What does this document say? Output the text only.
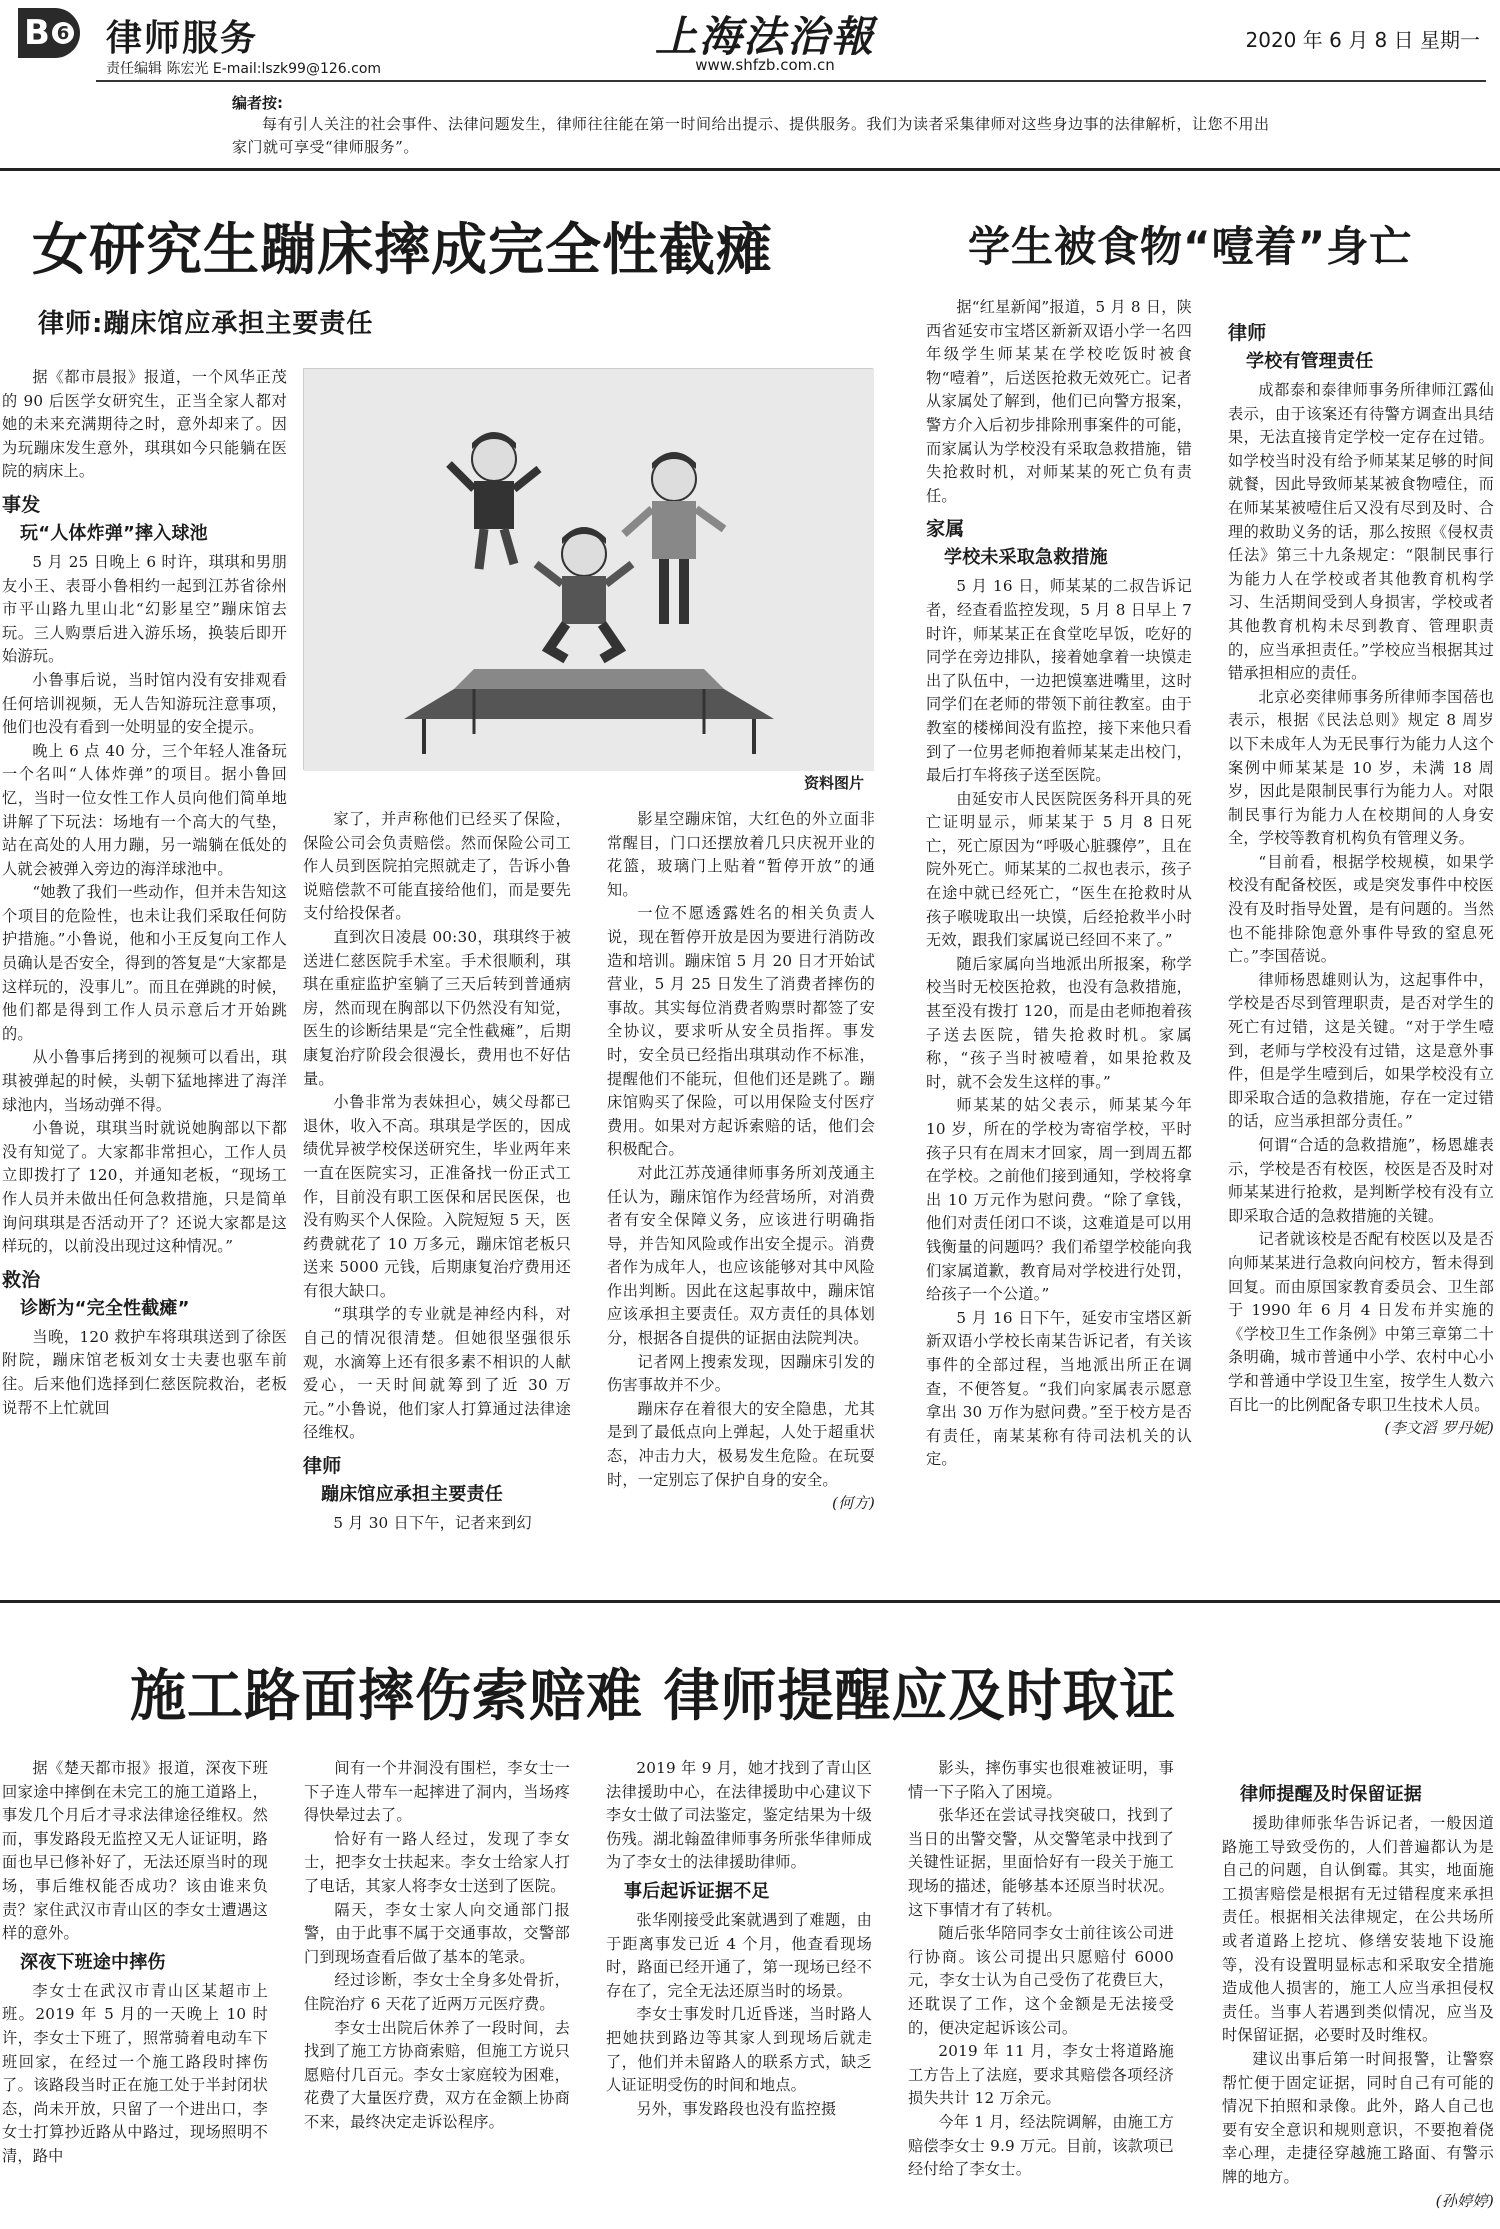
B 6 律师服务
责任编辑 陈宏光 E-mail:lszk99@126.com
上海法治報
www.shfzb.com.cn
2020 年 6 月 8 日 星期一
编者按:
每有引人关注的社会事件、法律问题发生，律师往往能在第一时间给出提示、提供服务。我们为读者采集律师对这些身边事的法律解析，让您不用出家门就可享受“律师服务”。
女研究生蹦床摔成完全性截瘫
律师:蹦床馆应承担主要责任
资料图片

据《都市晨报》报道，一个风华正茂的 90 后医学女研究生，正当全家人都对她的未来充满期待之时，意外却来了。因为玩蹦床发生意外，琪琪如今只能躺在医院的病床上。

事发
玩“人体炸弹”摔入球池

5 月 25 日晚上 6 时许，琪琪和男朋友小王、表哥小鲁相约一起到江苏省徐州市平山路九里山北“幻影星空”蹦床馆去玩。三人购票后进入游乐场，换装后即开始游玩。

小鲁事后说，当时馆内没有安排观看任何培训视频，无人告知游玩注意事项，他们也没有看到一处明显的安全提示。

晚上 6 点 40 分，三个年轻人准备玩一个名叫“人体炸弹”的项目。据小鲁回忆，当时一位女性工作人员向他们简单地讲解了下玩法：场地有一个高大的气垫，站在高处的人用力蹦，另一端躺在低处的人就会被弹入旁边的海洋球池中。

“她教了我们一些动作，但并未告知这个项目的危险性，也未让我们采取任何防护措施。”小鲁说，他和小王反复向工作人员确认是否安全，得到的答复是“大家都是这样玩的，没事儿”。而且在弹跳的时候，他们都是得到工作人员示意后才开始跳的。

从小鲁事后拷到的视频可以看出，琪琪被弹起的时候，头朝下猛地摔进了海洋球池内，当场动弹不得。

小鲁说，琪琪当时就说她胸部以下都没有知觉了。大家都非常担心，工作人员立即拨打了 120，并通知老板，“现场工作人员并未做出任何急救措施，只是简单询问琪琪是否活动开了？还说大家都是这样玩的，以前没出现过这种情况。”

救治
诊断为“完全性截瘫”

当晚，120 救护车将琪琪送到了徐医附院，蹦床馆老板刘女士夫妻也驱车前往。后来他们选择到仁慈医院救治，老板说帮不上忙就回

家了，并声称他们已经买了保险，保险公司会负责赔偿。然而保险公司工作人员到医院拍完照就走了，告诉小鲁说赔偿款不可能直接给他们，而是要先支付给投保者。

直到次日凌晨 00:30，琪琪终于被送进仁慈医院手术室。手术很顺利，琪琪在重症监护室躺了三天后转到普通病房，然而现在胸部以下仍然没有知觉，医生的诊断结果是“完全性截瘫”，后期康复治疗阶段会很漫长，费用也不好估量。

小鲁非常为表妹担心，姨父母都已退休，收入不高。琪琪是学医的，因成绩优异被学校保送研究生，毕业两年来一直在医院实习，正准备找一份正式工作，目前没有职工医保和居民医保，也没有购买个人保险。入院短短 5 天，医药费就花了 10 万多元，蹦床馆老板只送来 5000 元钱，后期康复治疗费用还有很大缺口。

“琪琪学的专业就是神经内科，对自己的情况很清楚。但她很坚强很乐观，水滴筹上还有很多素不相识的人献爱心，一天时间就筹到了近 30 万元。”小鲁说，他们家人打算通过法律途径维权。

律师
蹦床馆应承担主要责任

5 月 30 日下午，记者来到幻

影星空蹦床馆，大红色的外立面非常醒目，门口还摆放着几只庆祝开业的花篮，玻璃门上贴着“暂停开放”的通知。

一位不愿透露姓名的相关负责人说，现在暂停开放是因为要进行消防改造和培训。蹦床馆 5 月 20 日才开始试营业，5 月 25 日发生了消费者摔伤的事故。其实每位消费者购票时都签了安全协议，要求听从安全员指挥。事发时，安全员已经指出琪琪动作不标准，提醒他们不能玩，但他们还是跳了。蹦床馆购买了保险，可以用保险支付医疗费用。如果对方起诉索赔的话，他们会积极配合。

对此江苏茂通律师事务所刘茂通主任认为，蹦床馆作为经营场所，对消费者有安全保障义务，应该进行明确指导，并告知风险或作出安全提示。消费者作为成年人，也应该能够对其中风险作出判断。因此在这起事故中，蹦床馆应该承担主要责任。双方责任的具体划分，根据各自提供的证据由法院判决。

记者网上搜索发现，因蹦床引发的伤害事故并不少。

蹦床存在着很大的安全隐患，尤其是到了最低点向上弹起，人处于超重状态，冲击力大，极易发生危险。在玩耍时，一定别忘了保护自身的安全。

(何方)
学生被食物“噎着”身亡

据“红星新闻”报道，5 月 8 日，陕西省延安市宝塔区新新双语小学一名四年级学生师某某在学校吃饭时被食物“噎着”，后送医抢救无效死亡。记者从家属处了解到，他们已向警方报案，警方介入后初步排除刑事案件的可能，而家属认为学校没有采取急救措施，错失抢救时机，对师某某的死亡负有责任。

家属
学校未采取急救措施

5 月 16 日，师某某的二叔告诉记者，经查看监控发现，5 月 8 日早上 7 时许，师某某正在食堂吃早饭，吃好的同学在旁边排队，接着她拿着一块馍走出了队伍中，一边把馍塞进嘴里，这时同学们在老师的带领下前往教室。由于教室的楼梯间没有监控，接下来他只看到了一位男老师抱着师某某走出校门，最后打车将孩子送至医院。

由延安市人民医院医务科开具的死亡证明显示，师某某于 5 月 8 日死亡，死亡原因为“呼吸心脏骤停”，且在院外死亡。师某某的二叔也表示，孩子在途中就已经死亡，“医生在抢救时从孩子喉咙取出一块馍，后经抢救半小时无效，跟我们家属说已经回不来了。”

随后家属向当地派出所报案，称学校当时无校医抢救，也没有急救措施，甚至没有拨打 120，而是由老师抱着孩子送去医院，错失抢救时机。家属称，“孩子当时被噎着，如果抢救及时，就不会发生这样的事。”

师某某的姑父表示，师某某今年 10 岁，所在的学校为寄宿学校，平时孩子只有在周末才回家，周一到周五都在学校。之前他们接到通知，学校将拿出 10 万元作为慰问费。“除了拿钱，他们对责任闭口不谈，这难道是可以用钱衡量的问题吗？我们希望学校能向我们家属道歉，教育局对学校进行处罚，给孩子一个公道。”

5 月 16 日下午，延安市宝塔区新新双语小学校长南某告诉记者，有关该事件的全部过程，当地派出所正在调查，不便答复。“我们向家属表示愿意拿出 30 万作为慰问费。”至于校方是否有责任，南某某称有待司法机关的认定。

律师
学校有管理责任

成都泰和泰律师事务所律师江露仙表示，由于该案还有待警方调查出具结果，无法直接肯定学校一定存在过错。如学校当时没有给予师某某足够的时间就餐，因此导致师某某被食物噎住，而在师某某被噎住后又没有尽到及时、合理的救助义务的话，那么按照《侵权责任法》第三十九条规定：“限制民事行为能力人在学校或者其他教育机构学习、生活期间受到人身损害，学校或者其他教育机构未尽到教育、管理职责的，应当承担责任。”学校应当根据其过错承担相应的责任。

北京必奕律师事务所律师李国蓓也表示，根据《民法总则》规定 8 周岁以下未成年人为无民事行为能力人这个案例中师某某是 10 岁，未满 18 周岁，因此是限制民事行为能力人。对限制民事行为能力人在校期间的人身安全，学校等教育机构负有管理义务。

“目前看，根据学校规模，如果学校没有配备校医，或是突发事件中校医没有及时指导处置，是有问题的。当然也不能排除饱意外事件导致的窒息死亡。”李国蓓说。

律师杨恩雄则认为，这起事件中，学校是否尽到管理职责，是否对学生的死亡有过错，这是关键。“对于学生噎到，老师与学校没有过错，这是意外事件，但是学生噎到后，如果学校没有立即采取合适的急救措施，存在一定过错的话，应当承担部分责任。”

何谓“合适的急救措施”，杨恩雄表示，学校是否有校医，校医是否及时对师某某进行抢救，是判断学校有没有立即采取合适的急救措施的关键。

记者就该校是否配有校医以及是否向师某某进行急救向问校方，暂未得到回复。而由原国家教育委员会、卫生部于 1990 年 6 月 4 日发布并实施的《学校卫生工作条例》中第三章第二十条明确，城市普通中小学、农村中心小学和普通中学设卫生室，按学生人数六百比一的比例配备专职卫生技术人员。

(李文滔 罗丹妮)
施工路面摔伤索赔难 律师提醒应及时取证

据《楚天都市报》报道，深夜下班回家途中摔倒在未完工的施工道路上，事发几个月后才寻求法律途径维权。然而，事发路段无监控又无人证证明，路面也早已修补好了，无法还原当时的现场，事后维权能否成功？该由谁来负责？家住武汉市青山区的李女士遭遇这样的意外。

深夜下班途中摔伤

李女士在武汉市青山区某超市上班。2019 年 5 月的一天晚上 10 时许，李女士下班了，照常骑着电动车下班回家，在经过一个施工路段时摔伤了。该路段当时正在施工处于半封闭状态，尚未开放，只留了一个进出口，李女士打算抄近路从中路过，现场照明不清，路中

间有一个井洞没有围栏，李女士一下子连人带车一起摔进了洞内，当场疼得快晕过去了。

恰好有一路人经过，发现了李女士，把李女士扶起来。李女士给家人打了电话，其家人将李女士送到了医院。

隔天，李女士家人向交通部门报警，由于此事不属于交通事故，交警部门到现场查看后做了基本的笔录。

经过诊断，李女士全身多处骨折，住院治疗 6 天花了近两万元医疗费。

李女士出院后休养了一段时间，去找到了施工方协商索赔，但施工方说只愿赔付几百元。李女士家庭较为困难，花费了大量医疗费，双方在金额上协商不来，最终决定走诉讼程序。

2019 年 9 月，她才找到了青山区法律援助中心，在法律援助中心建议下李女士做了司法鉴定，鉴定结果为十级伤残。湖北翰盈律师事务所张华律师成为了李女士的法律援助律师。

事后起诉证据不足

张华刚接受此案就遇到了难题，由于距离事发已近 4 个月，他查看现场时，路面已经开通了，第一现场已经不存在了，完全无法还原当时的场景。

李女士事发时几近昏迷，当时路人把她扶到路边等其家人到现场后就走了，他们并未留路人的联系方式，缺乏人证证明受伤的时间和地点。

另外，事发路段也没有监控摄

影头，摔伤事实也很难被证明，事情一下子陷入了困境。

张华还在尝试寻找突破口，找到了当日的出警交警，从交警笔录中找到了关键性证据，里面恰好有一段关于施工现场的描述，能够基本还原当时状况。这下事情才有了转机。

随后张华陪同李女士前往该公司进行协商。该公司提出只愿赔付 6000 元，李女士认为自己受伤了花费巨大，还耽误了工作，这个金额是无法接受的，便决定起诉该公司。

2019 年 11 月，李女士将道路施工方告上了法庭，要求其赔偿各项经济损失共计 12 万余元。

今年 1 月，经法院调解，由施工方赔偿李女士 9.9 万元。目前，该款项已经付给了李女士。

律师提醒及时保留证据

援助律师张华告诉记者，一般因道路施工导致受伤的，人们普遍都认为是自己的问题，自认倒霉。其实，地面施工损害赔偿是根据有无过错程度来承担责任。根据相关法律规定，在公共场所或者道路上挖坑、修缮安装地下设施等，没有设置明显标志和采取安全措施造成他人损害的，施工人应当承担侵权责任。当事人若遇到类似情况，应当及时保留证据，必要时及时维权。

建议出事后第一时间报警，让警察帮忙便于固定证据，同时自己有可能的情况下拍照和录像。此外，路人自己也要有安全意识和规则意识，不要抱着侥幸心理，走捷径穿越施工路面、有警示牌的地方。

(孙婷婷)
